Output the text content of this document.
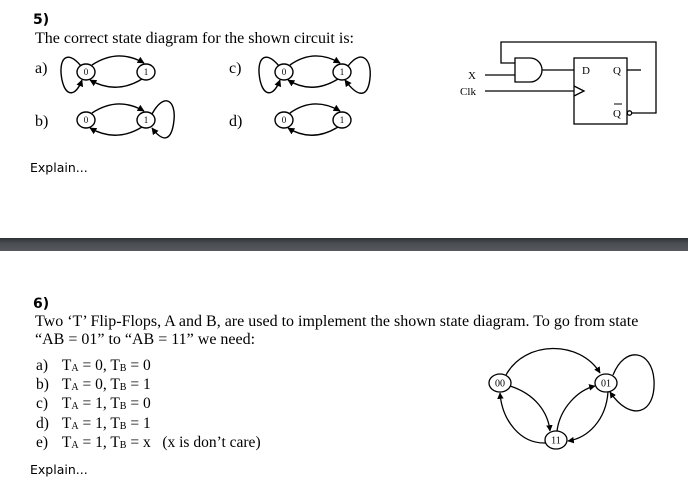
5)
The correct state diagram for the shown circuit is:
a)
b)
c)
d)
0	1
0	1
0	1
0	1
X
Clk
D Q
Q
Explain...
6)
Two ‘T’ Flip-Flops, A and B, are used to implement the shown state diagram. To go from state
“AB = 01” to “AB = 11” we need:
a) $T_A = 0$, $T_B = 0$
b) $T_A = 0$, $T_B = 1$
c) $T_A = 1$, $T_B = 0$
d) $T_A = 1$, $T_B = 1$
e) $T_A = 1$, $T_B = x$ (x is don’t care)
Explain...
00	01
11
